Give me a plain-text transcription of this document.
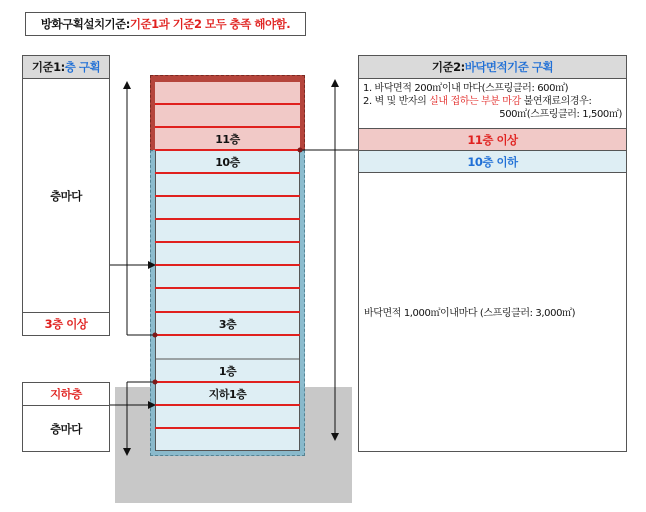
방화구획설치기준: 기준1과 기준2 모두 충족 해야함.
11층
10층
3층
1층
지하1층
기준1: 층 구획
층마다
3층 이상
지하층
층마다
기준2: 바닥면적기준 구획
1. 바닥면적 200㎡이내 마다(스프링클러: 600㎡)
2. 벽 및 반자의 실내 접하는 부분 마감 불연재료의경우:
500㎡(스프링클러: 1,500㎡)
11층 이상
10층 이하
바닥면적 1,000㎡이내마다 (스프링클러: 3,000㎡)
